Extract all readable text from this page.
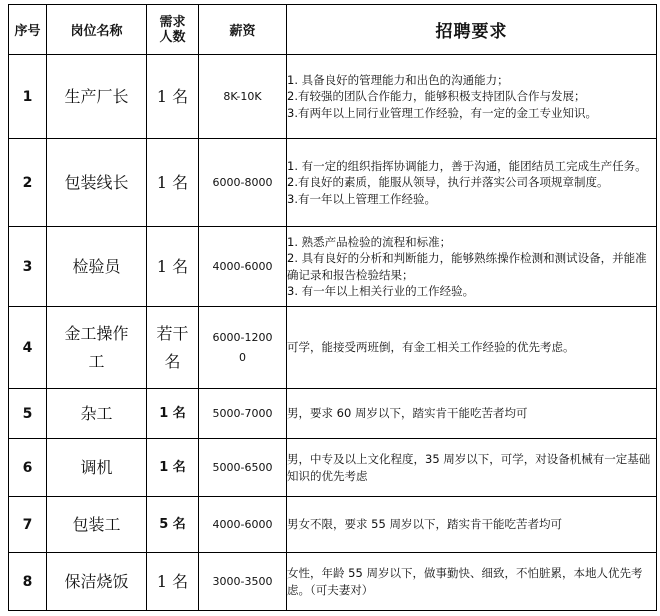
序号	岗位名称	需求人数	薪资	招聘要求
1	生产厂长	1 名	8K-10K	1. 具备良好的管理能力和出色的沟通能力；
2.有较强的团队合作能力，能够积极支持团队合作与发展；
3.有两年以上同行业管理工作经验，有一定的金工专业知识。

2	包装线长	1 名	6000-8000	1. 有一定的组织指挥协调能力，善于沟通，能团结员工完成生产任务。
2.有良好的素质，能服从领导，执行并落实公司各项规章制度。
3.有一年以上管理工作经验。

3	检验员	1 名	4000-6000	1. 熟悉产品检验的流程和标准；
2. 具有良好的分析和判断能力，能够熟练操作检测和测试设备，并能准确记录和报告检验结果；
3. 有一年以上相关行业的工作经验。

4	金工操作工	若干名	6000-12000	可学，能接受两班倒，有金工相关工作经验的优先考虑。

5	杂工	1 名	5000-7000	男，要求 60 周岁以下，踏实肯干能吃苦者均可

6	调机	1 名	5000-6500	男，中专及以上文化程度，35 周岁以下，可学，对设备机械有一定基础知识的优先考虑

7	包装工	5 名	4000-6000	男女不限，要求 55 周岁以下，踏实肯干能吃苦者均可

8	保洁烧饭	1 名	3000-3500	女性，年龄 55 周岁以下，做事勤快、细致，不怕脏累，本地人优先考虑。（可夫妻对）
